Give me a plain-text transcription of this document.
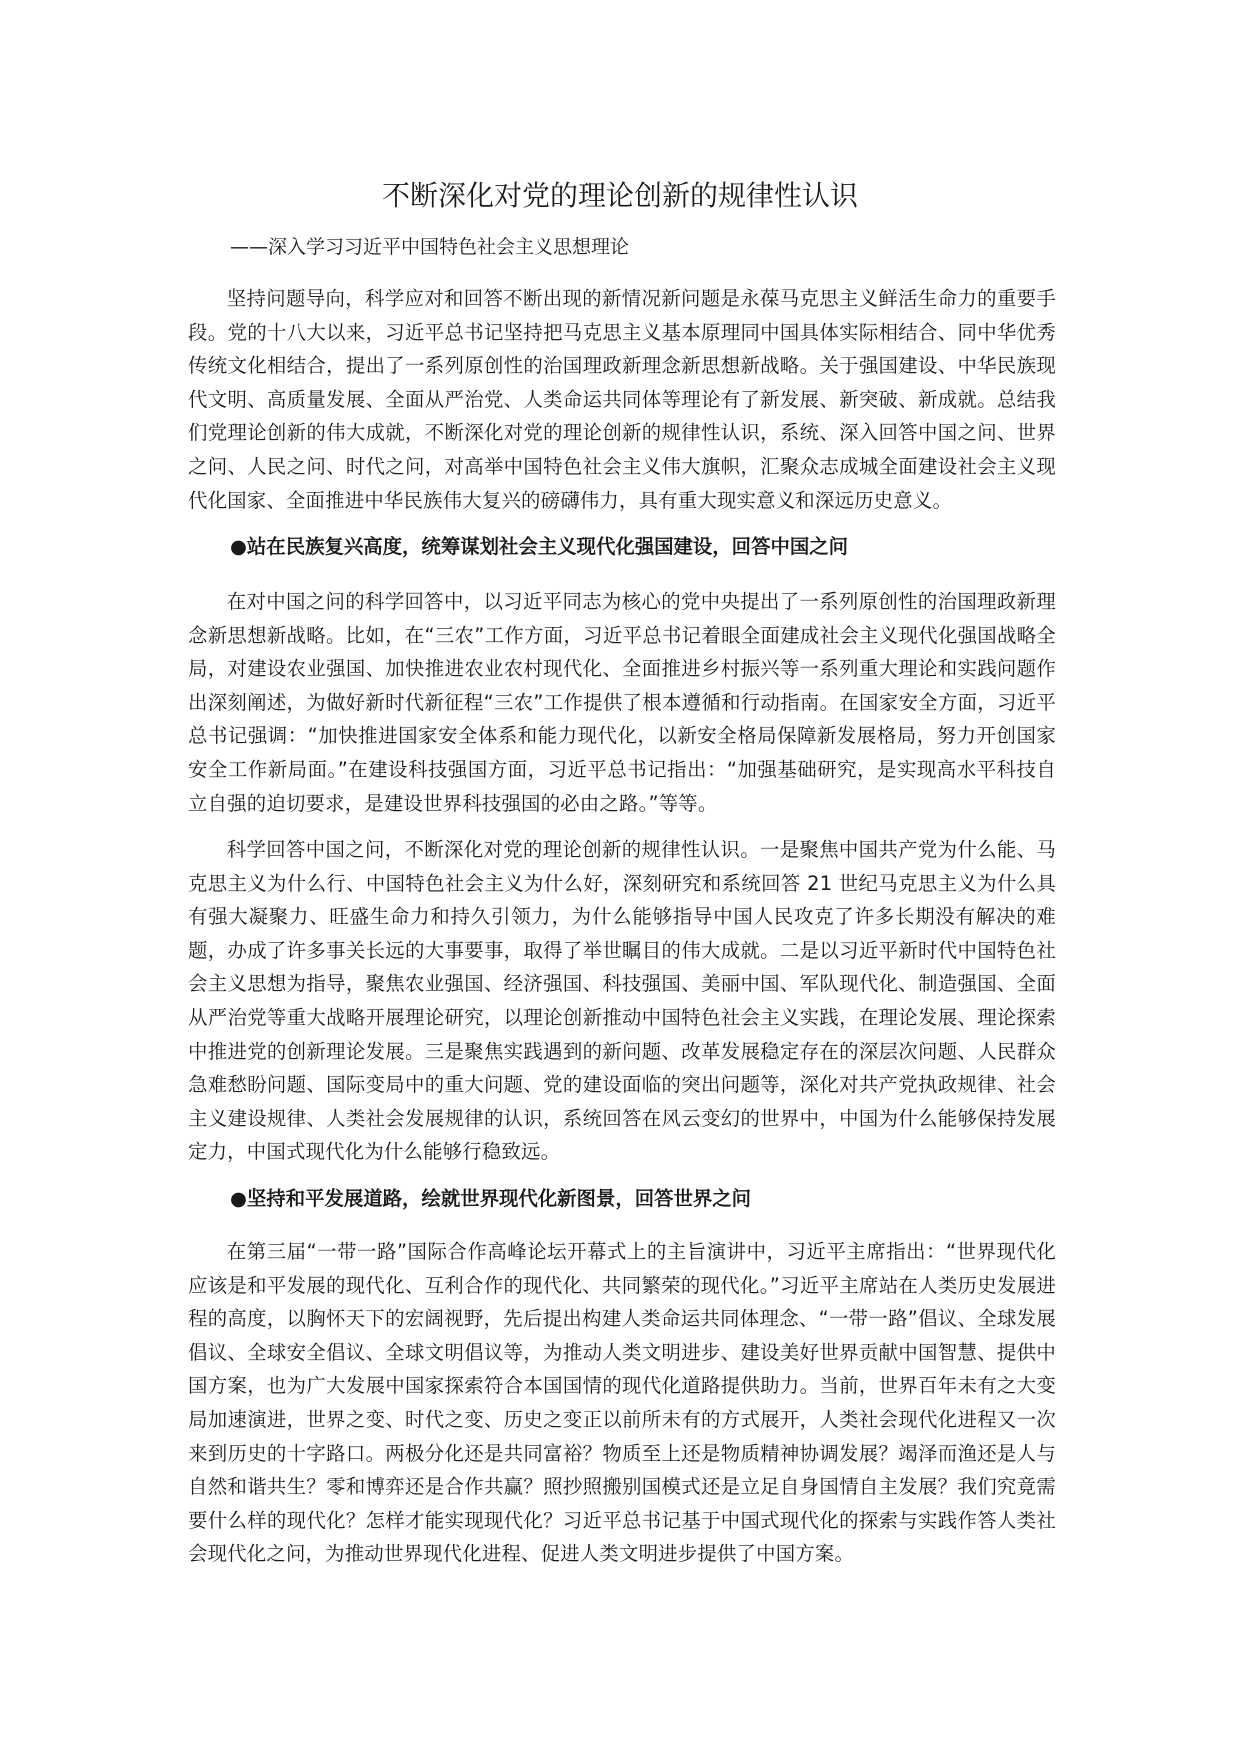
不断深化对党的理论创新的规律性认识

——深入学习习近平中国特色社会主义思想理论

坚持问题导向，科学应对和回答不断出现的新情况新问题是永葆马克思主义鲜活生命力的重要手段。党的十八大以来，习近平总书记坚持把马克思主义基本原理同中国具体实际相结合、同中华优秀传统文化相结合，提出了一系列原创性的治国理政新理念新思想新战略。关于强国建设、中华民族现代文明、高质量发展、全面从严治党、人类命运共同体等理论有了新发展、新突破、新成就。总结我们党理论创新的伟大成就，不断深化对党的理论创新的规律性认识，系统、深入回答中国之问、世界之问、人民之问、时代之问，对高举中国特色社会主义伟大旗帜，汇聚众志成城全面建设社会主义现代化国家、全面推进中华民族伟大复兴的磅礴伟力，具有重大现实意义和深远历史意义。

●站在民族复兴高度，统筹谋划社会主义现代化强国建设，回答中国之问

在对中国之问的科学回答中，以习近平同志为核心的党中央提出了一系列原创性的治国理政新理念新思想新战略。比如，在“三农”工作方面，习近平总书记着眼全面建成社会主义现代化强国战略全局，对建设农业强国、加快推进农业农村现代化、全面推进乡村振兴等一系列重大理论和实践问题作出深刻阐述，为做好新时代新征程“三农”工作提供了根本遵循和行动指南。在国家安全方面，习近平总书记强调：“加快推进国家安全体系和能力现代化，以新安全格局保障新发展格局，努力开创国家安全工作新局面。”在建设科技强国方面，习近平总书记指出：“加强基础研究，是实现高水平科技自立自强的迫切要求，是建设世界科技强国的必由之路。”等等。

科学回答中国之问，不断深化对党的理论创新的规律性认识。一是聚焦中国共产党为什么能、马克思主义为什么行、中国特色社会主义为什么好，深刻研究和系统回答 21 世纪马克思主义为什么具有强大凝聚力、旺盛生命力和持久引领力，为什么能够指导中国人民攻克了许多长期没有解决的难题，办成了许多事关长远的大事要事，取得了举世瞩目的伟大成就。二是以习近平新时代中国特色社会主义思想为指导，聚焦农业强国、经济强国、科技强国、美丽中国、军队现代化、制造强国、全面从严治党等重大战略开展理论研究，以理论创新推动中国特色社会主义实践，在理论发展、理论探索中推进党的创新理论发展。三是聚焦实践遇到的新问题、改革发展稳定存在的深层次问题、人民群众急难愁盼问题、国际变局中的重大问题、党的建设面临的突出问题等，深化对共产党执政规律、社会主义建设规律、人类社会发展规律的认识，系统回答在风云变幻的世界中，中国为什么能够保持发展定力，中国式现代化为什么能够行稳致远。

●坚持和平发展道路，绘就世界现代化新图景，回答世界之问

在第三届“一带一路”国际合作高峰论坛开幕式上的主旨演讲中，习近平主席指出：“世界现代化应该是和平发展的现代化、互利合作的现代化、共同繁荣的现代化。”习近平主席站在人类历史发展进程的高度，以胸怀天下的宏阔视野，先后提出构建人类命运共同体理念、“一带一路”倡议、全球发展倡议、全球安全倡议、全球文明倡议等，为推动人类文明进步、建设美好世界贡献中国智慧、提供中国方案，也为广大发展中国家探索符合本国国情的现代化道路提供助力。当前，世界百年未有之大变局加速演进，世界之变、时代之变、历史之变正以前所未有的方式展开，人类社会现代化进程又一次来到历史的十字路口。两极分化还是共同富裕？物质至上还是物质精神协调发展？竭泽而渔还是人与自然和谐共生？零和博弈还是合作共赢？照抄照搬别国模式还是立足自身国情自主发展？我们究竟需要什么样的现代化？怎样才能实现现代化？习近平总书记基于中国式现代化的探索与实践作答人类社会现代化之问，为推动世界现代化进程、促进人类文明进步提供了中国方案。
